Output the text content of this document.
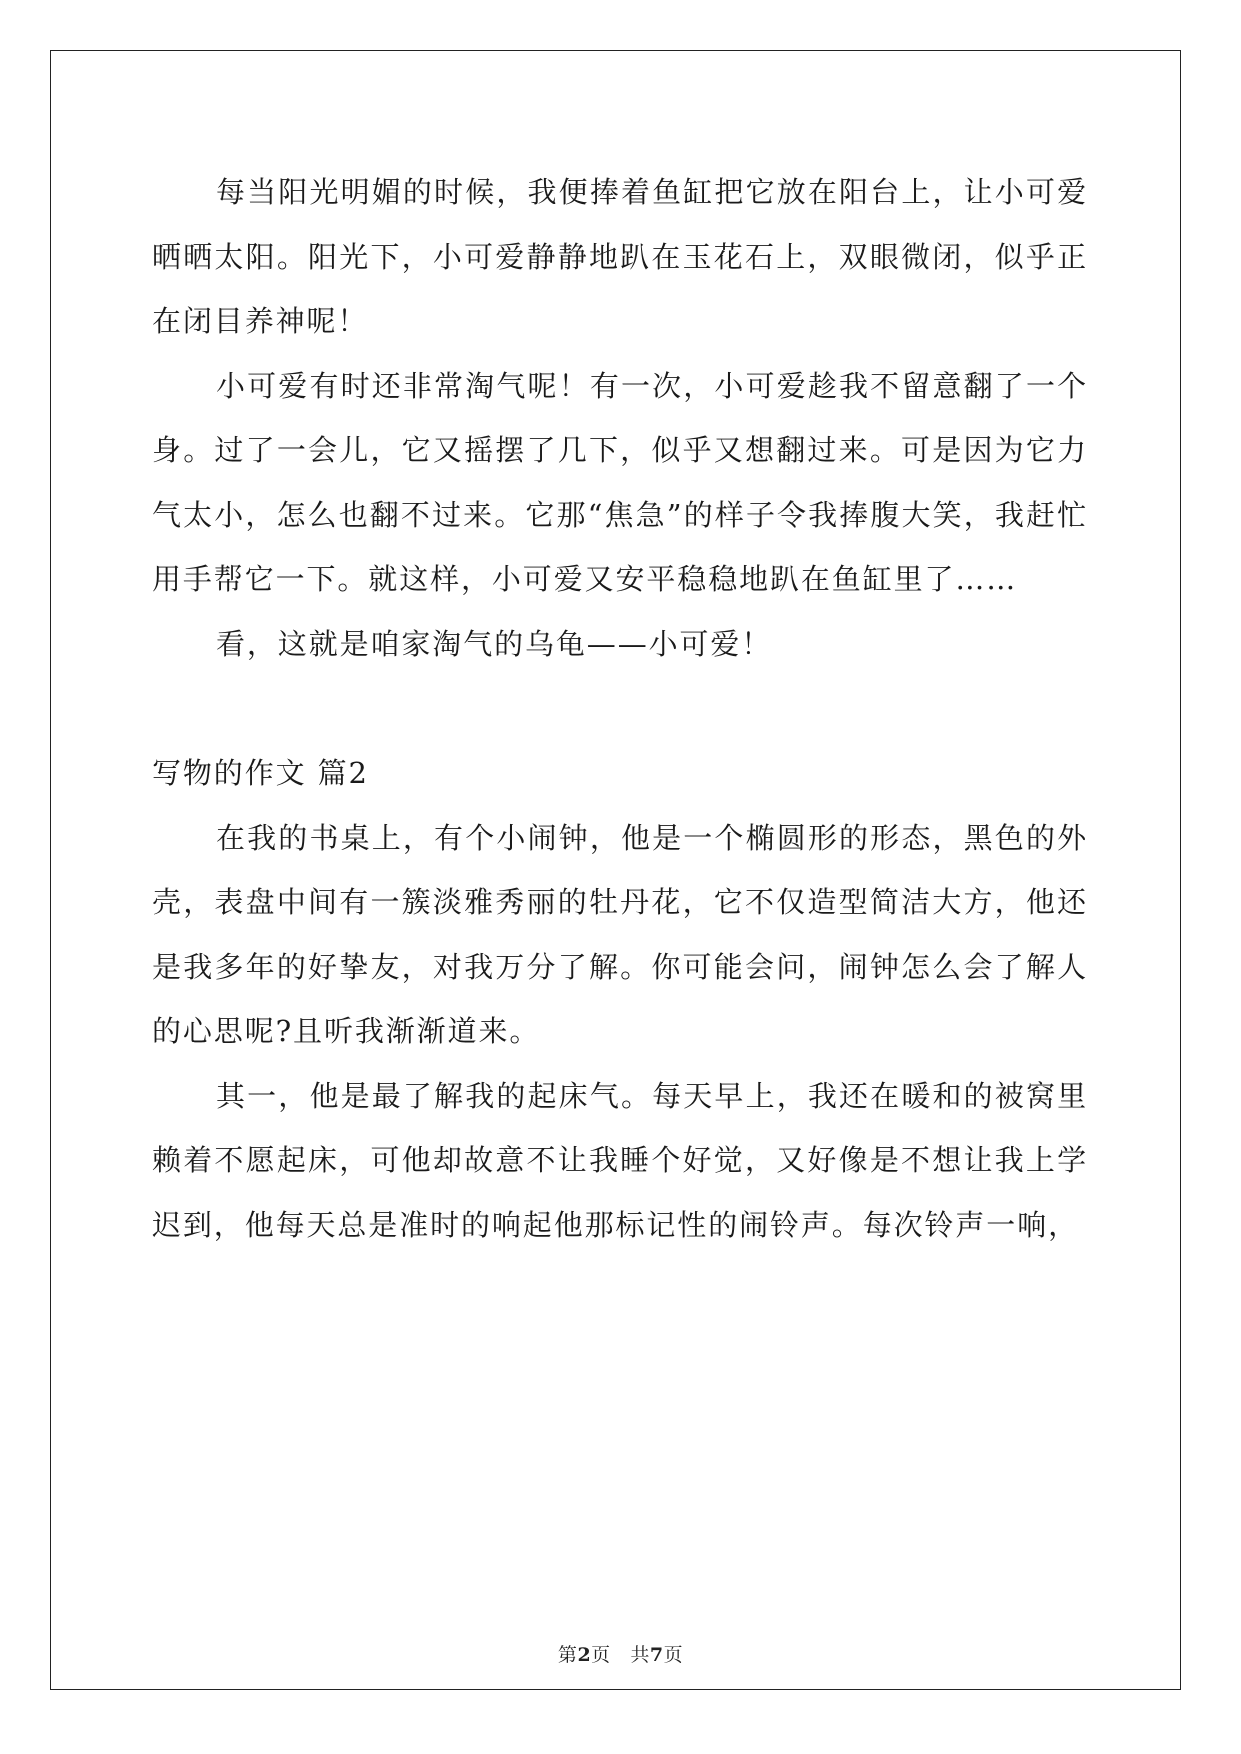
每当阳光明媚的时候，我便捧着鱼缸把它放在阳台上，让小可爱晒晒太阳。阳光下，小可爱静静地趴在玉花石上，双眼微闭，似乎正在闭目养神呢！

小可爱有时还非常淘气呢！有一次，小可爱趁我不留意翻了一个身。过了一会儿，它又摇摆了几下，似乎又想翻过来。可是因为它力气太小，怎么也翻不过来。它那“焦急”的样子令我捧腹大笑，我赶忙用手帮它一下。就这样，小可爱又安平稳稳地趴在鱼缸里了……

看，这就是咱家淘气的乌龟——小可爱！

写物的作文 篇2

在我的书桌上，有个小闹钟，他是一个椭圆形的形态，黑色的外壳，表盘中间有一簇淡雅秀丽的牡丹花，它不仅造型简洁大方，他还是我多年的好挚友，对我万分了解。你可能会问，闹钟怎么会了解人的心思呢?且听我渐渐道来。

其一，他是最了解我的起床气。每天早上，我还在暖和的被窝里赖着不愿起床，可他却故意不让我睡个好觉，又好像是不想让我上学迟到，他每天总是准时的响起他那标记性的闹铃声。每次铃声一响，

第2页 共7页
